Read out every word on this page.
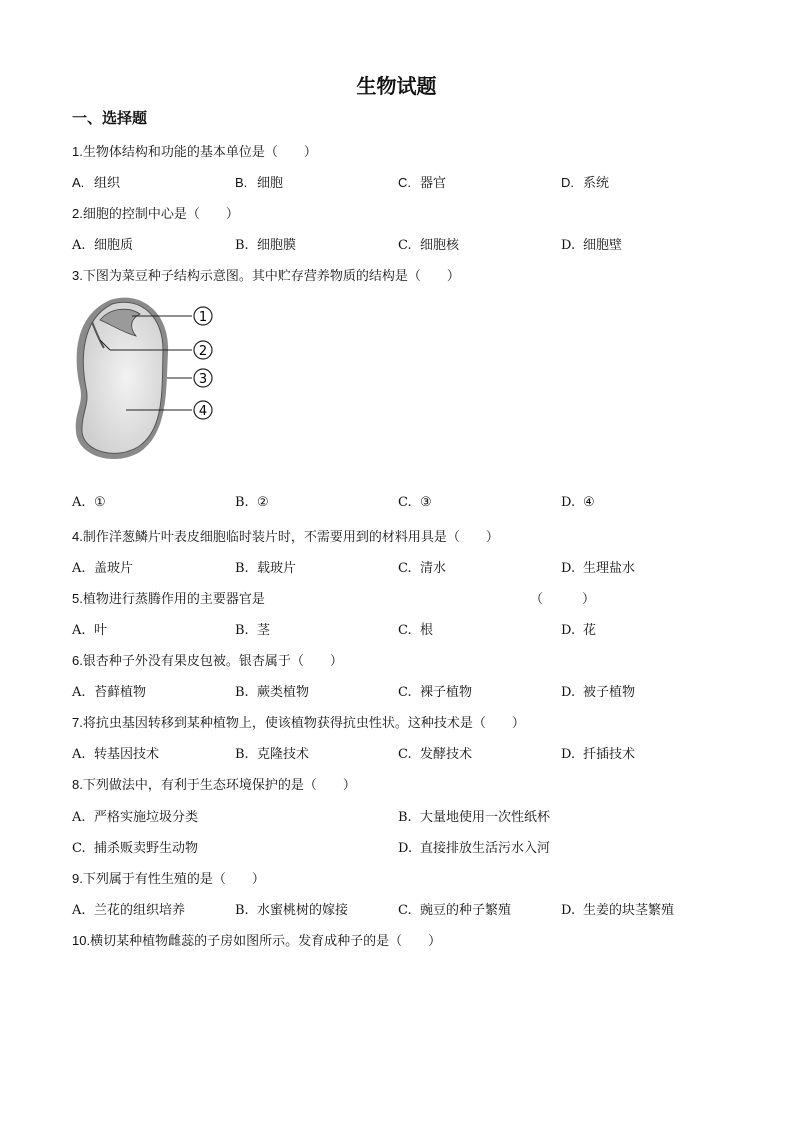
生物试题
一、选择题
1.生物体结构和功能的基本单位是（　　）
A. 组织	B. 细胞	C. 器官	D. 系统
2.细胞的控制中心是（　　）
A. 细胞质	B. 细胞膜	C. 细胞核	D. 细胞壁
3.下图为菜豆种子结构示意图。其中贮存营养物质的结构是（　　）
1
2
3
4
A. ①	B. ②	C. ③	D. ④
4.制作洋葱鳞片叶表皮细胞临时装片时，不需要用到的材料用具是（　　）
A. 盖玻片	B. 载玻片	C. 清水	D. 生理盐水
5.植物进行蒸腾作用的主要器官是	（　　　）
A. 叶	B. 茎	C. 根	D. 花
6.银杏种子外没有果皮包被。银杏属于（　　）
A. 苔藓植物	B. 蕨类植物	C. 裸子植物	D. 被子植物
7.将抗虫基因转移到某种植物上，使该植物获得抗虫性状。这种技术是（　　）
A. 转基因技术	B. 克隆技术	C. 发酵技术	D. 扦插技术
8.下列做法中，有利于生态环境保护的是（　　）
A. 严格实施垃圾分类	B. 大量地使用一次性纸杯
C. 捕杀贩卖野生动物	D. 直接排放生活污水入河
9.下列属于有性生殖的是（　　）
A. 兰花的组织培养	B. 水蜜桃树的嫁接	C. 豌豆的种子繁殖	D. 生姜的块茎繁殖
10.横切某种植物雌蕊的子房如图所示。发育成种子的是（　　）
